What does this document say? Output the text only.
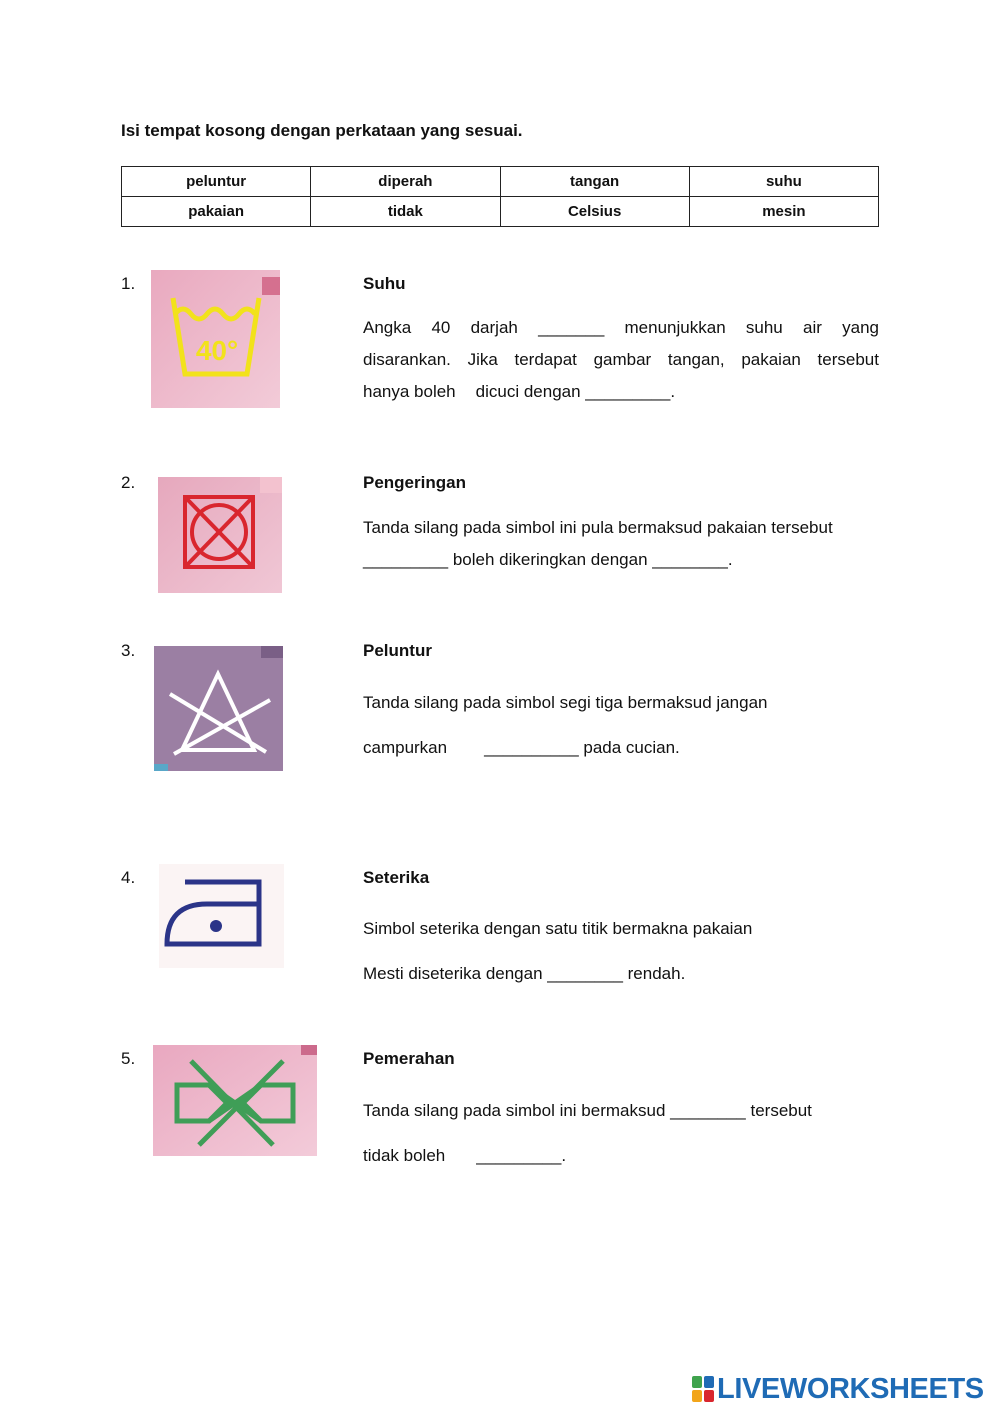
Isi tempat kosong dengan perkataan yang sesuai.

peluntur	diperah	tangan	suhu
pakaian	tidak	Celsius	mesin
1.
40°
Suhu
Angka 40 darjah _______ menunjukkan suhu air yang
disarankan. Jika terdapat gambar tangan, pakaian tersebut
hanya boleh dicuci dengan _________.
2.	Pengeringan
Tanda silang pada simbol ini pula bermaksud pakaian tersebut
_________ boleh dikeringkan dengan ________.
3.	Peluntur
Tanda silang pada simbol segi tiga bermaksud jangan
campurkan __________ pada cucian.
4.	Seterika
Simbol seterika dengan satu titik bermakna pakaian
Mesti diseterika dengan ________ rendah.
5.	Pemerahan
Tanda silang pada simbol ini bermaksud ________ tersebut
tidak boleh _________.
LIVEWORKSHEETS
